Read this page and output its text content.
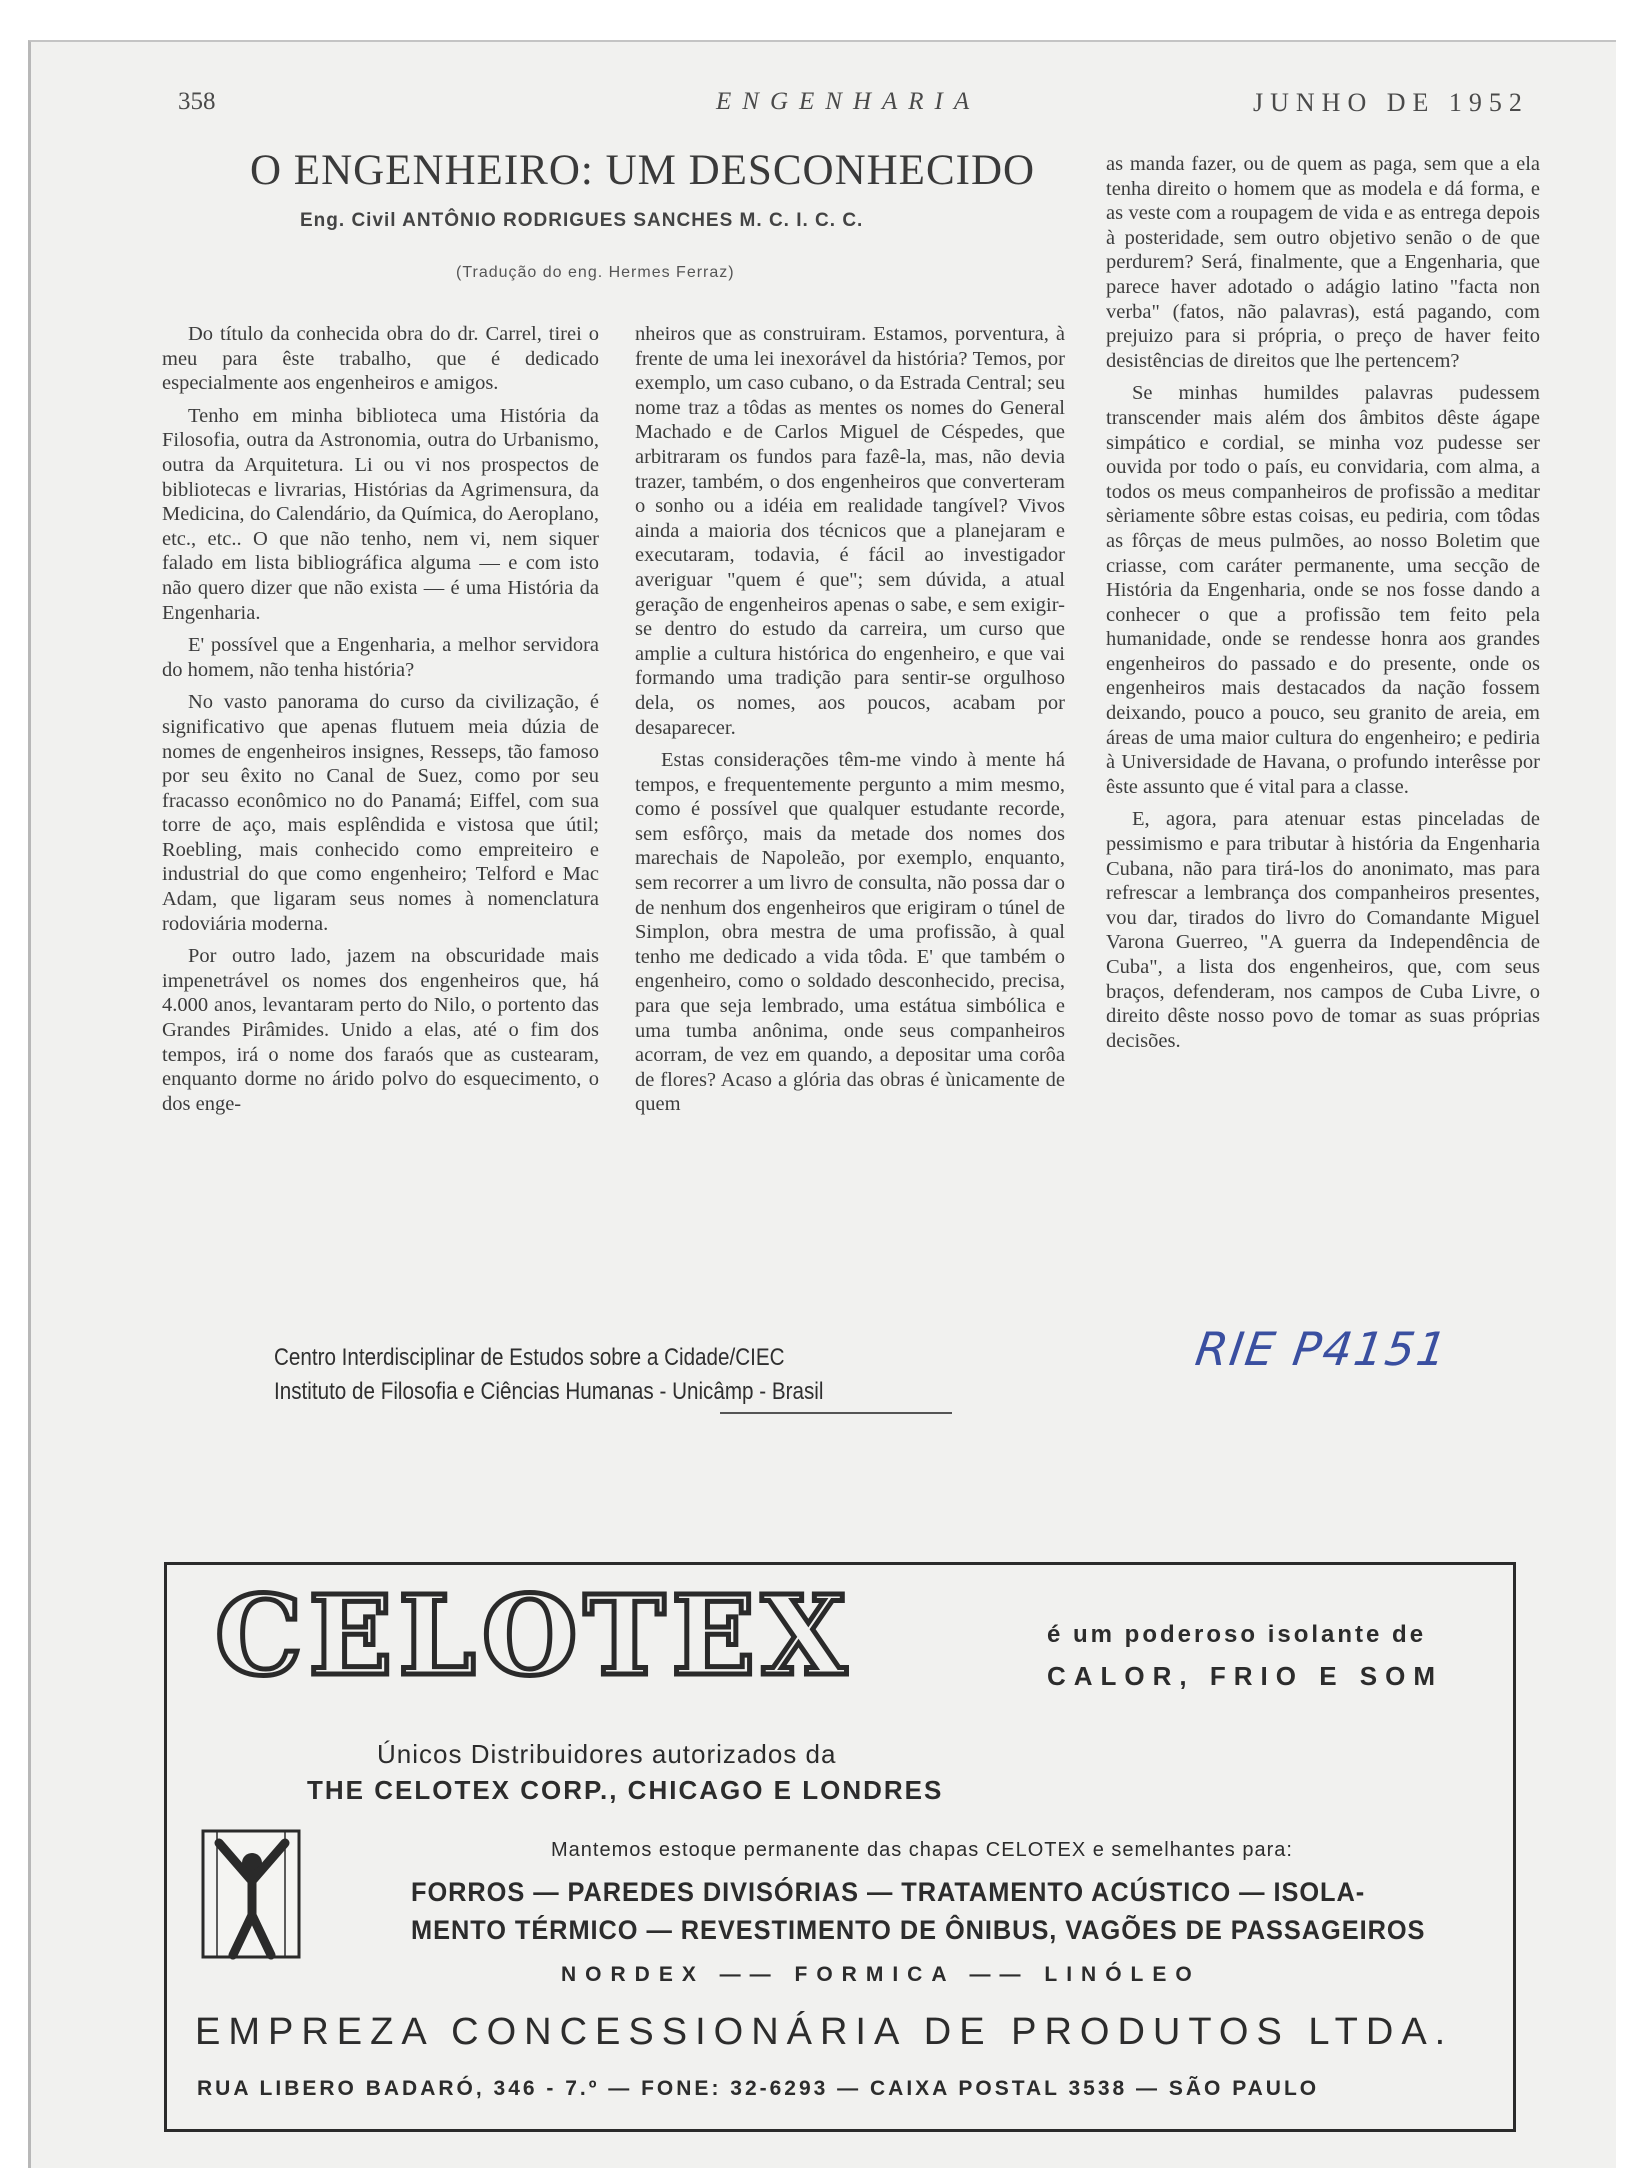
358	ENGENHARIA	JUNHO DE 1952
O ENGENHEIRO: UM DESCONHECIDO
Eng. Civil ANTÔNIO RODRIGUES SANCHES M. C. I. C. C.
(Tradução do eng. Hermes Ferraz)

Do título da conhecida obra do dr. Carrel, tirei o meu para êste trabalho, que é dedicado especialmente aos engenheiros e amigos.

Tenho em minha biblioteca uma História da Filosofia, outra da Astronomia, outra do Urbanismo, outra da Arquitetura. Li ou vi nos prospectos de bibliotecas e livrarias, Histórias da Agrimensura, da Medicina, do Calendário, da Química, do Aeroplano, etc., etc.. O que não tenho, nem vi, nem siquer falado em lista bibliográfica alguma — e com isto não quero dizer que não exista — é uma História da Engenharia.

E' possível que a Engenharia, a melhor servidora do homem, não tenha história?

No vasto panorama do curso da civilização, é significativo que apenas flutuem meia dúzia de nomes de engenheiros insignes, Resseps, tão famoso por seu êxito no Canal de Suez, como por seu fracasso econômico no do Panamá; Eiffel, com sua torre de aço, mais esplêndida e vistosa que útil; Roebling, mais conhecido como empreiteiro e industrial do que como engenheiro; Telford e Mac Adam, que ligaram seus nomes à nomenclatura rodoviária moderna.

Por outro lado, jazem na obscuridade mais impenetrável os nomes dos engenheiros que, há 4.000 anos, levantaram perto do Nilo, o portento das Grandes Pirâmides. Unido a elas, até o fim dos tempos, irá o nome dos faraós que as custearam, enquanto dorme no árido polvo do esquecimento, o dos enge-

nheiros que as construiram. Estamos, porventura, à frente de uma lei inexorável da história? Temos, por exemplo, um caso cubano, o da Estrada Central; seu nome traz a tôdas as mentes os nomes do General Machado e de Carlos Miguel de Céspedes, que arbitraram os fundos para fazê-la, mas, não devia trazer, também, o dos engenheiros que converteram o sonho ou a idéia em realidade tangível? Vivos ainda a maioria dos técnicos que a planejaram e executaram, todavia, é fácil ao investigador averiguar "quem é que"; sem dúvida, a atual geração de engenheiros apenas o sabe, e sem exigir-se dentro do estudo da carreira, um curso que amplie a cultura histórica do engenheiro, e que vai formando uma tradição para sentir-se orgulhoso dela, os nomes, aos poucos, acabam por desaparecer.

Estas considerações têm-me vindo à mente há tempos, e frequentemente pergunto a mim mesmo, como é possível que qualquer estudante recorde, sem esfôrço, mais da metade dos nomes dos marechais de Napoleão, por exemplo, enquanto, sem recorrer a um livro de consulta, não possa dar o de nenhum dos engenheiros que erigiram o túnel de Simplon, obra mestra de uma profissão, à qual tenho me dedicado a vida tôda. E' que também o engenheiro, como o soldado desconhecido, precisa, para que seja lembrado, uma estátua simbólica e uma tumba anônima, onde seus companheiros acorram, de vez em quando, a depositar uma corôa de flores? Acaso a glória das obras é ùnicamente de quem

as manda fazer, ou de quem as paga, sem que a ela tenha direito o homem que as modela e dá forma, e as veste com a roupagem de vida e as entrega depois à posteridade, sem outro objetivo senão o de que perdurem? Será, finalmente, que a Engenharia, que parece haver adotado o adágio latino "facta non verba" (fatos, não palavras), está pagando, com prejuizo para si própria, o preço de haver feito desistências de direitos que lhe pertencem?

Se minhas humildes palavras pudessem transcender mais além dos âmbitos dêste ágape simpático e cordial, se minha voz pudesse ser ouvida por todo o país, eu convidaria, com alma, a todos os meus companheiros de profissão a meditar sèriamente sôbre estas coisas, eu pediria, com tôdas as fôrças de meus pulmões, ao nosso Boletim que criasse, com caráter permanente, uma secção de História da Engenharia, onde se nos fosse dando a conhecer o que a profissão tem feito pela humanidade, onde se rendesse honra aos grandes engenheiros do passado e do presente, onde os engenheiros mais destacados da nação fossem deixando, pouco a pouco, seu granito de areia, em áreas de uma maior cultura do engenheiro; e pediria à Universidade de Havana, o profundo interêsse por êste assunto que é vital para a classe.

E, agora, para atenuar estas pinceladas de pessimismo e para tributar à história da Engenharia Cubana, não para tirá-los do anonimato, mas para refrescar a lembrança dos companheiros presentes, vou dar, tirados do livro do Comandante Miguel Varona Guerreo, "A guerra da Independência de Cuba", a lista dos engenheiros, que, com seus braços, defenderam, nos campos de Cuba Livre, o direito dêste nosso povo de tomar as suas próprias decisões.

Centro Interdisciplinar de Estudos sobre a Cidade/CIEC
Instituto de Filosofia e Ciências Humanas - Unicâmp - Brasil
RIE P4151
CELOTEX	é um poderoso isolante de
CALOR, FRIO E SOM
Únicos Distribuidores autorizados da
THE CELOTEX CORP., CHICAGO E LONDRES
Mantemos estoque permanente das chapas CELOTEX e semelhantes para:
FORROS — PAREDES DIVISÓRIAS — TRATAMENTO ACÚSTICO — ISOLA-
MENTO TÉRMICO — REVESTIMENTO DE ÔNIBUS, VAGÕES DE PASSAGEIROS
NORDEX —— FORMICA —— LINÓLEO
EMPREZA CONCESSIONÁRIA DE PRODUTOS LTDA.
RUA LIBERO BADARÓ, 346 - 7.º — FONE: 32-6293 — CAIXA POSTAL 3538 — SÃO PAULO
